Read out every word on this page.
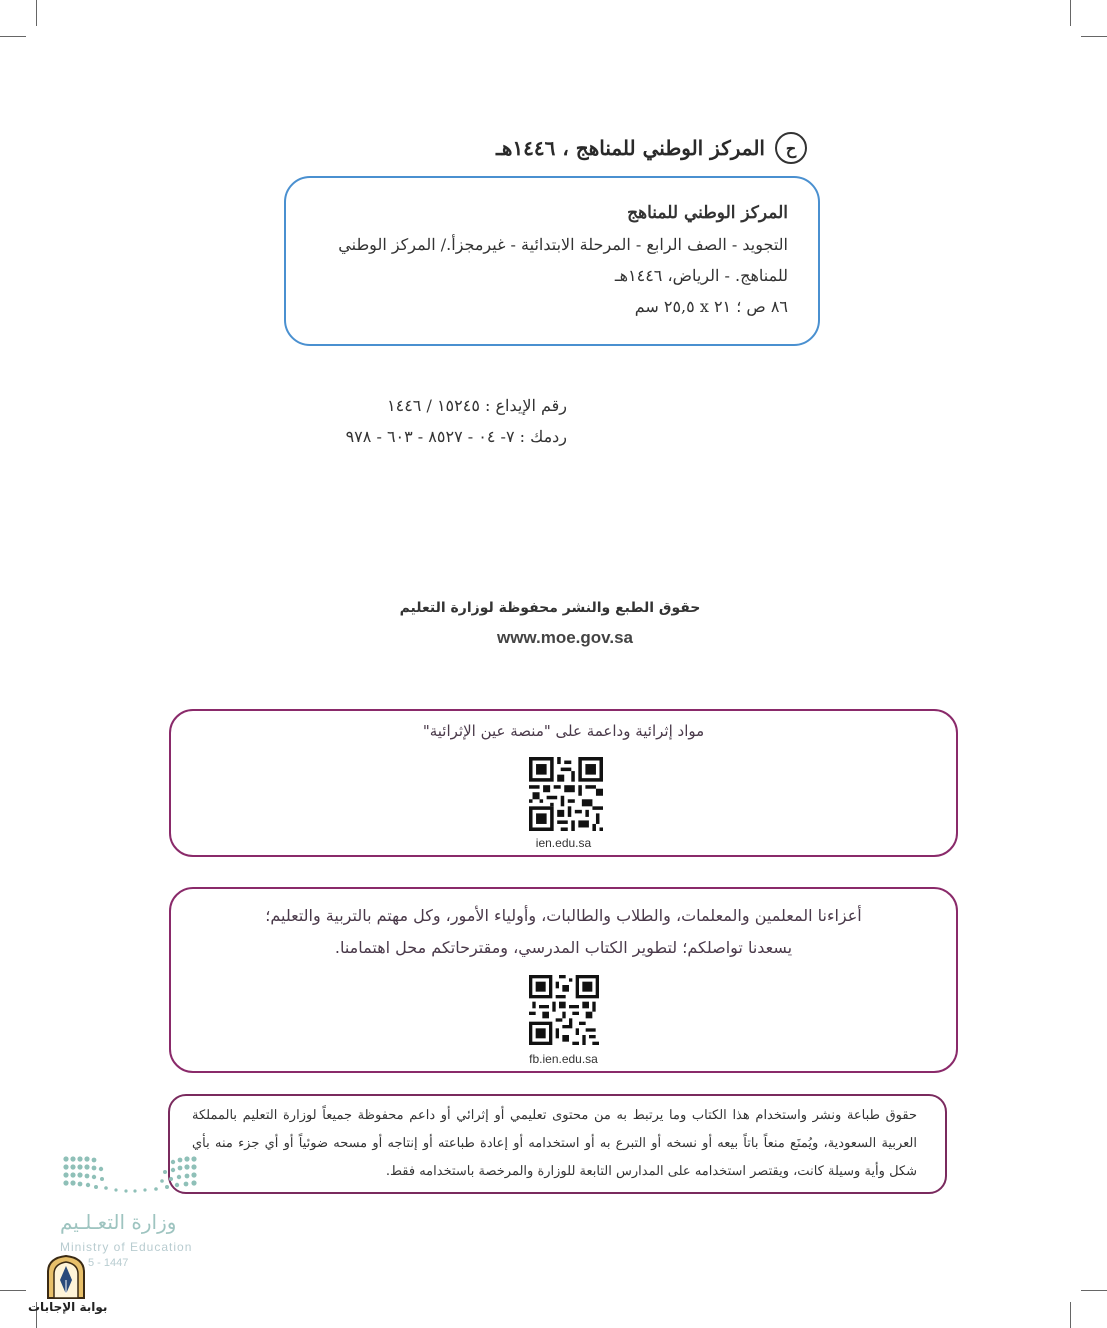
ح
المركز الوطني للمناهج ، ١٤٤٦هـ
المركز الوطني للمناهج
التجويد - الصف الرابع - المرحلة الابتدائية - غيرمجزأ./ المركز الوطني
للمناهج. - الرياض، ١٤٤٦هـ
٨٦ ص ؛ ٢١ x ٢٥,٥ سم
رقم الإيداع : ١٥٢٤٥ / ١٤٤٦
ردمك : ٧- ٠٤ - ٨٥٢٧ - ٦٠٣ - ٩٧٨
حقوق الطبع والنشر محفوظة لوزارة التعليم
www.moe.gov.sa
مواد إثرائية وداعمة على "منصة عين الإثرائية"
ien.edu.sa
أعزاءنا المعلمين والمعلمات، والطلاب والطالبات، وأولياء الأمور، وكل مهتم بالتربية والتعليم؛
يسعدنا تواصلكم؛ لتطوير الكتاب المدرسي، ومقترحاتكم محل اهتمامنا.
fb.ien.edu.sa
حقوق طباعة ونشر واستخدام هذا الكتاب وما يرتبط به من محتوى تعليمي أو إثرائي أو داعم محفوظة جميعاً لوزارة التعليم بالمملكة العربية السعودية، ويُمنَع منعاً باتاً بيعه أو نسخه أو التبرع به أو استخدامه أو إعادة طباعته أو إنتاجه أو مسحه ضوئياً أو أي جزء منه بأي شكل وأية وسيلة كانت، ويقتصر استخدامه على المدارس التابعة للوزارة والمرخصة باستخدامه فقط.
وزارة التعـلـيم
Ministry of Education
5 - 1447
بوابة الإجابات
